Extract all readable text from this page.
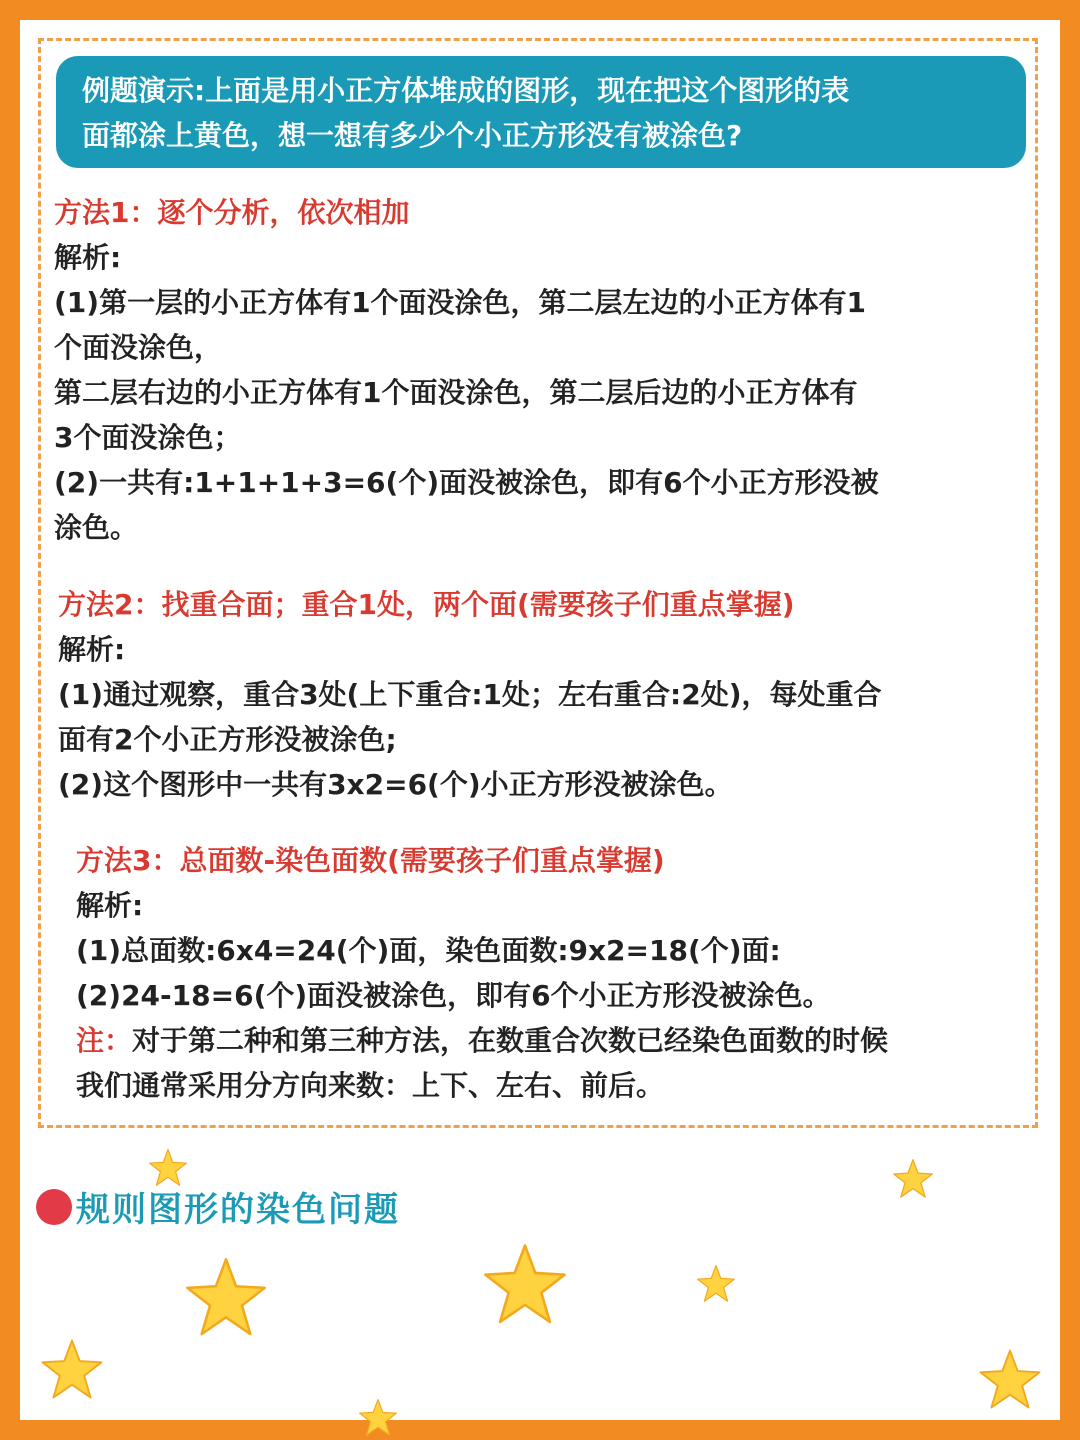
例题演示:上面是用小正方体堆成的图形，现在把这个图形的表
面都涂上黄色，想一想有多少个小正方形没有被涂色?
方法1：逐个分析，依次相加
解析:
(1)第一层的小正方体有1个面没涂色，第二层左边的小正方体有1
个面没涂色，
第二层右边的小正方体有1个面没涂色，第二层后边的小正方体有
3个面没涂色；
(2)一共有:1+1+1+3=6(个)面没被涂色，即有6个小正方形没被
涂色。
方法2：找重合面；重合1处，两个面(需要孩子们重点掌握)
解析:
(1)通过观察，重合3处(上下重合:1处；左右重合:2处)，每处重合
面有2个小正方形没被涂色;
(2)这个图形中一共有3x2=6(个)小正方形没被涂色。
方法3：总面数-染色面数(需要孩子们重点掌握)
解析:
(1)总面数:6x4=24(个)面，染色面数:9x2=18(个)面:
(2)24-18=6(个)面没被涂色，即有6个小正方形没被涂色。
注：对于第二种和第三种方法，在数重合次数已经染色面数的时候
我们通常采用分方向来数：上下、左右、前后。
规则图形的染色问题
